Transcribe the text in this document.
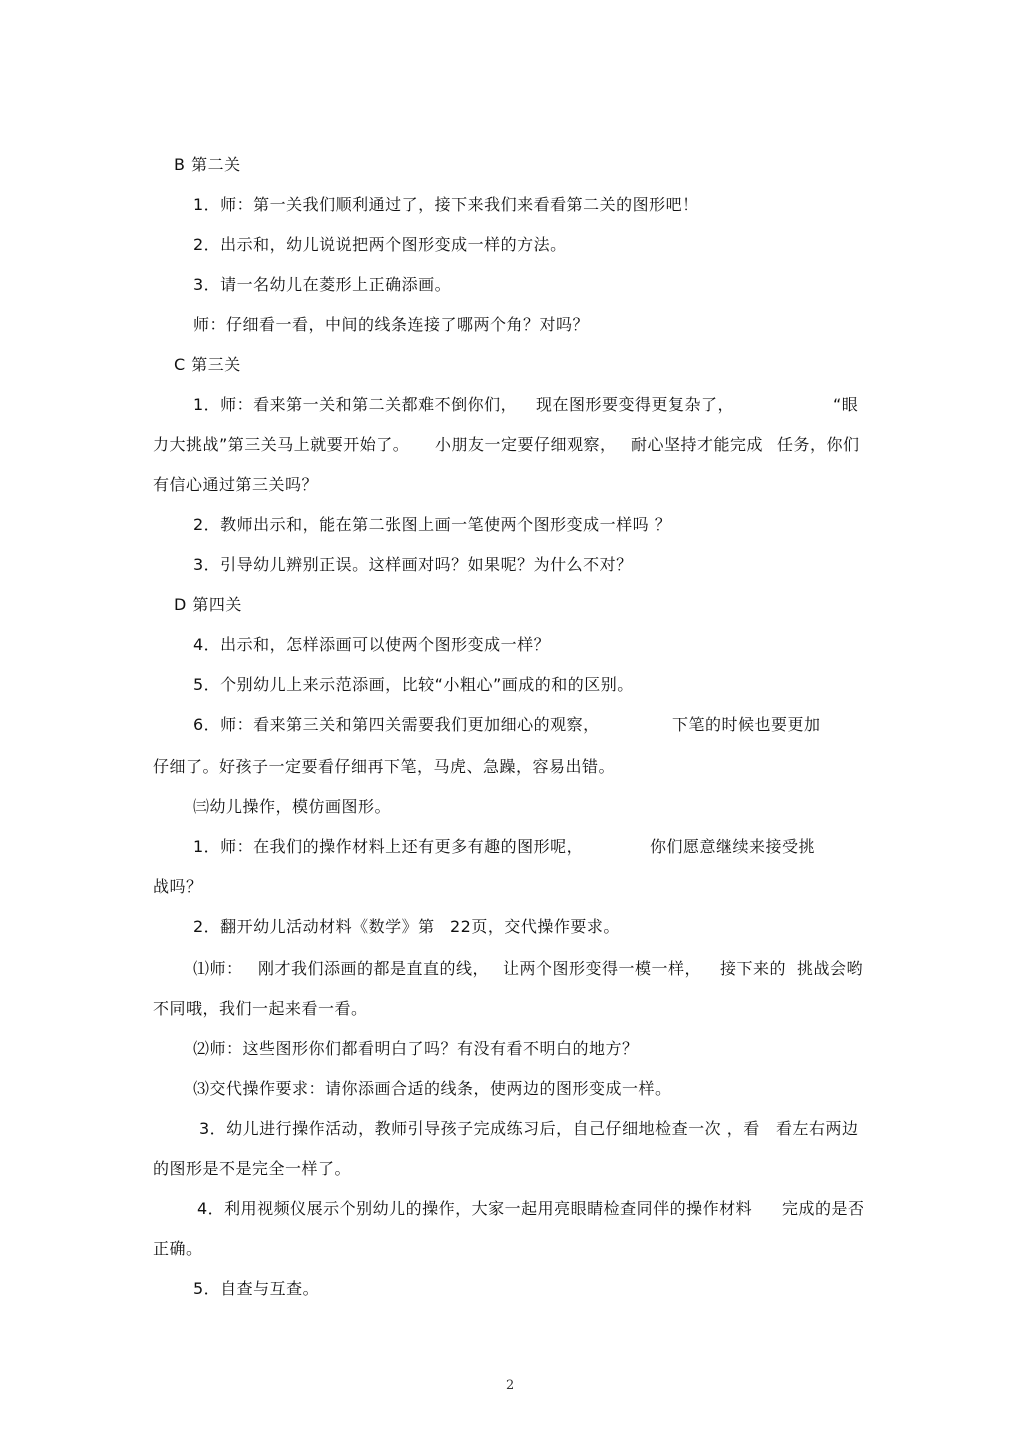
B 第二关
1．师：第一关我们顺利通过了，接下来我们来看看第二关的图形吧！
2．出示和，幼儿说说把两个图形变成一样的方法。
3．请一名幼儿在菱形上正确添画。
师：仔细看一看，中间的线条连接了哪两个角？对吗？
C 第三关
1．师：看来第一关和第二关都难不倒你们， 现在图形要变得更复杂了，	“眼
力大挑战”第三关马上就要开始了。 小朋友一定要仔细观察， 耐心坚持才能完成 任务，你们
有信心通过第三关吗？
2．教师出示和，能在第二张图上画一笔使两个图形变成一样吗 ？
3．引导幼儿辨别正误。这样画对吗？如果呢？为什么不对？
D 第四关
4．出示和，怎样添画可以使两个图形变成一样？
5．个别幼儿上来示范添画，比较“小粗心”画成的和的区别。
6．师：看来第三关和第四关需要我们更加细心的观察，	下笔的时候也要更加
仔细了。好孩子一定要看仔细再下笔，马虎、急躁，容易出错。
㈢幼儿操作，模仿画图形。
1．师：在我们的操作材料上还有更多有趣的图形呢，	你们愿意继续来接受挑
战吗？
2．翻开幼儿活动材料《数学》第 22页，交代操作要求。
⑴师： 刚才我们添画的都是直直的线， 让两个图形变得一模一样， 接下来的 挑战会哟
不同哦，我们一起来看一看。
⑵师：这些图形你们都看明白了吗？有没有看不明白的地方？
⑶交代操作要求：请你添画合适的线条，使两边的图形变成一样。
3．幼儿进行操作活动，教师引导孩子完成练习后，自己仔细地检查一次 ，看 看左右两边
的图形是不是完全一样了。
4．利用视频仪展示个别幼儿的操作，大家一起用亮眼睛检查同伴的操作材料 完成的是否
正确。
5．自查与互查。
2
